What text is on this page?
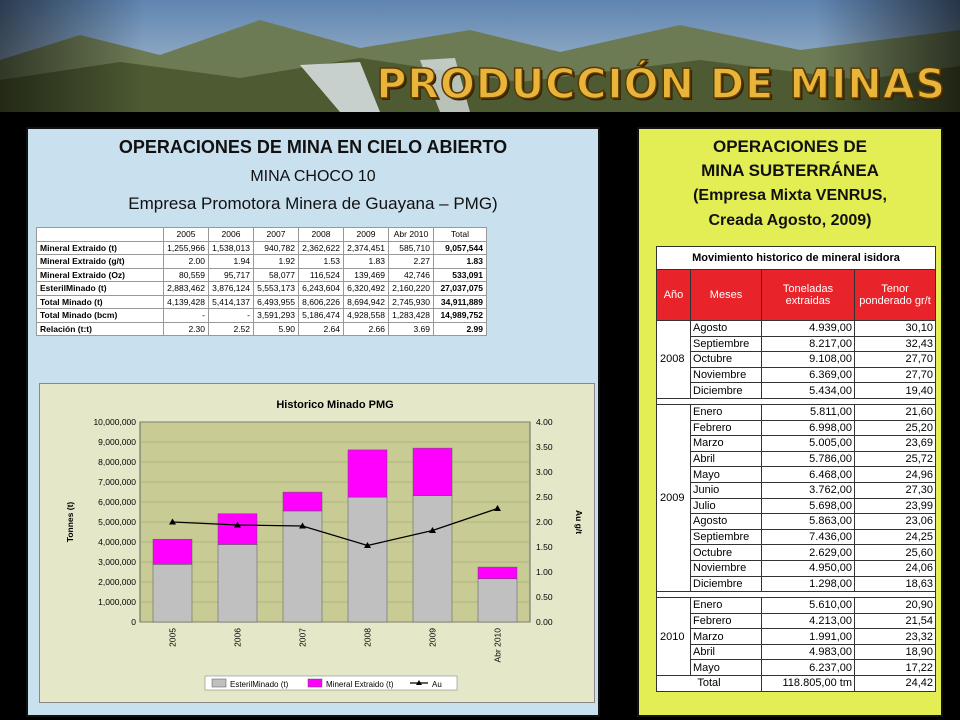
PRODUCCIÓN DE MINAS
OPERACIONES DE MINA EN CIELO ABIERTO
MINA CHOCO 10
Empresa Promotora Minera de Guayana – PMG)
	2005	2006	2007	2008	2009	Abr 2010	Total
Mineral Extraido (t)	1,255,966	1,538,013	940,782	2,362,622	2,374,451	585,710	9,057,544
Mineral Extraido (g/t)	2.00	1.94	1.92	1.53	1.83	2.27	1.83
Mineral Extraido (Oz)	80,559	95,717	58,077	116,524	139,469	42,746	533,091
EsterilMinado (t)	2,883,462	3,876,124	5,553,173	6,243,604	6,320,492	2,160,220	27,037,075
Total Minado (t)	4,139,428	5,414,137	6,493,955	8,606,226	8,694,942	2,745,930	34,911,889
Total Minado (bcm)	-	-	3,591,293	5,186,474	4,928,558	1,283,428	14,989,752
Relación (t:t)	2.30	2.52	5.90	2.64	2.66	3.69	2.99
Historico Minado PMG
0
1,000,000
2,000,000
3,000,000
4,000,000
5,000,000
6,000,000
7,000,000
8,000,000
9,000,000
10,000,000
0.00
0.50
1.00
1.50
2.00
2.50
3.00
3.50
4.00
Tonnes (t)	Au g/t
2005	2006	2007	2008	2009	Abr 2010
EsterilMinado (t)	Mineral Extraido (t)	Au
OPERACIONES DE
MINA SUBTERRÁNEA
(Empresa Mixta VENRUS,
Creada Agosto, 2009)
Movimiento historico de mineral isidora			
Año	Meses	Toneladas extraidas	Tenor ponderado gr/t
2008	Agosto	4.939,00	30,10
	Septiembre	8.217,00	32,43
	Octubre	9.108,00	27,70
	Noviembre	6.369,00	27,70
	Diciembre	5.434,00	19,40

2009	Enero	5.811,00	21,60
	Febrero	6.998,00	25,20
	Marzo	5.005,00	23,69
	Abril	5.786,00	25,72
	Mayo	6.468,00	24,96
	Junio	3.762,00	27,30
	Julio	5.698,00	23,99
	Agosto	5.863,00	23,06
	Septiembre	7.436,00	24,25
	Octubre	2.629,00	25,60
	Noviembre	4.950,00	24,06
	Diciembre	1.298,00	18,63

2010	Enero	5.610,00	20,90
	Febrero	4.213,00	21,54
	Marzo	1.991,00	23,32
	Abril	4.983,00	18,90
	Mayo	6.237,00	17,22
Total		118.805,00 tm	24,42
